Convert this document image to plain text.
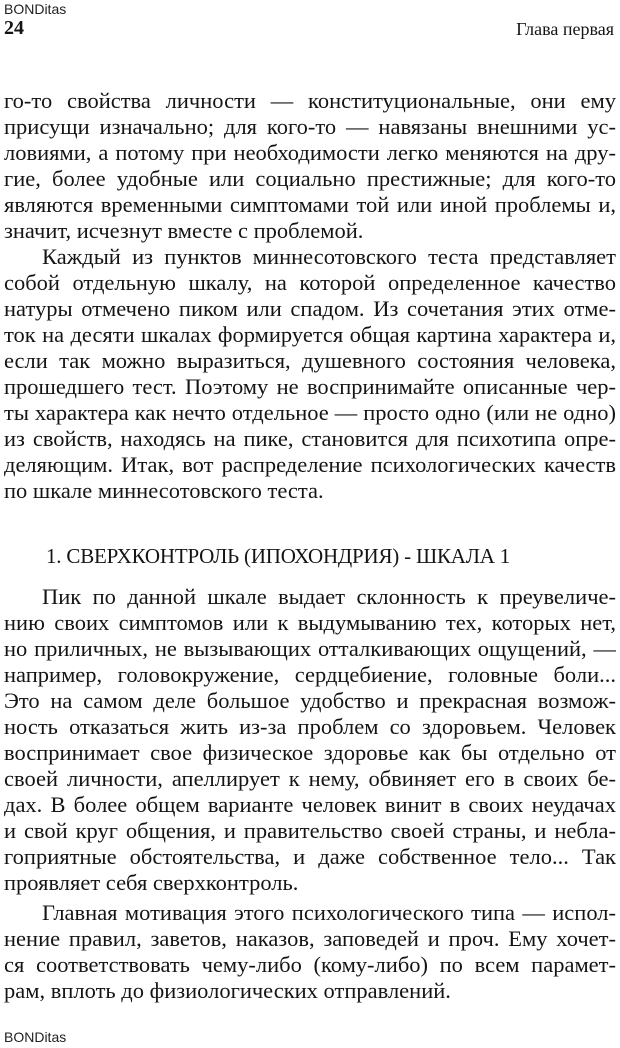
BONDitas
24	Глава первая
го-то свойства личности — конституциональные, они ему
присущи изначально; для кого-то — навязаны внешними ус-
ловиями, а потому при необходимости легко меняются на дру-
гие, более удобные или социально престижные; для кого-то
являются временными симптомами той или иной проблемы и,
значит, исчезнут вместе с проблемой.
Каждый из пунктов миннесотовского теста представляет
собой отдельную шкалу, на которой определенное качество
натуры отмечено пиком или спадом. Из сочетания этих отме-
ток на десяти шкалах формируется общая картина характера и,
если так можно выразиться, душевного состояния человека,
прошедшего тест. Поэтому не воспринимайте описанные чер-
ты характера как нечто отдельное — просто одно (или не одно)
из свойств, находясь на пике, становится для психотипа опре-
деляющим. Итак, вот распределение психологических качеств
по шкале миннесотовского теста.
1. СВЕРХКОНТРОЛЬ (ИПОХОНДРИЯ) - ШКАЛА 1
Пик по данной шкале выдает склонность к преувеличе-
нию своих симптомов или к выдумыванию тех, которых нет,
но приличных, не вызывающих отталкивающих ощущений, —
например, головокружение, сердцебиение, головные боли...
Это на самом деле большое удобство и прекрасная возмож-
ность отказаться жить из-за проблем со здоровьем. Человек
воспринимает свое физическое здоровье как бы отдельно от
своей личности, апеллирует к нему, обвиняет его в своих бе-
дах. В более общем варианте человек винит в своих неудачах
и свой круг общения, и правительство своей страны, и небла-
гоприятные обстоятельства, и даже собственное тело... Так
проявляет себя сверхконтроль.
Главная мотивация этого психологического типа — испол-
нение правил, заветов, наказов, заповедей и проч. Ему хочет-
ся соответствовать чему-либо (кому-либо) по всем парамет-
рам, вплоть до физиологических отправлений.
BONDitas
